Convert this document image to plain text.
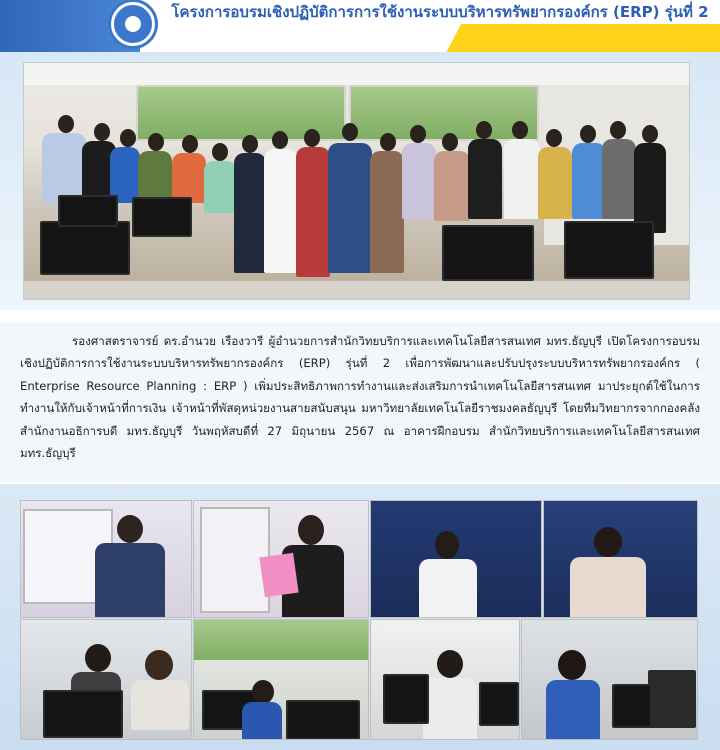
โครงการอบรมเชิงปฏิบัติการการใช้งานระบบบริหารทรัพยากรองค์กร (ERP) รุ่นที่ 2

รองศาสตราจารย์ ดร.อำนวย เรืองวารี ผู้อำนวยการสำนักวิทยบริการและเทคโนโลยีสารสนเทศ มทร.ธัญบุรี เปิดโครงการอบรมเชิงปฏิบัติการการใช้งานระบบบริหารทรัพยากรองค์กร (ERP) รุ่นที่ 2 เพื่อการพัฒนาและปรับปรุงระบบบริหารทรัพยากรองค์กร ( Enterprise Resource Planning : ERP ) เพิ่มประสิทธิภาพการทำงานและส่งเสริมการนำเทคโนโลยีสารสนเทศ มาประยุกต์ใช้ในการทำงานให้กับเจ้าหน้าที่การเงิน เจ้าหน้าที่พัสดุหน่วยงานสายสนับสนุน มหาวิทยาลัยเทคโนโลยีราชมงคลธัญบุรี โดยทีมวิทยากรจากกองคลัง สำนักงานอธิการบดี มทร.ธัญบุรี วันพฤหัสบดีที่ 27 มิถุนายน 2567 ณ อาคารฝึกอบรม สำนักวิทยบริการและเทคโนโลยีสารสนเทศ มทร.ธัญบุรี
